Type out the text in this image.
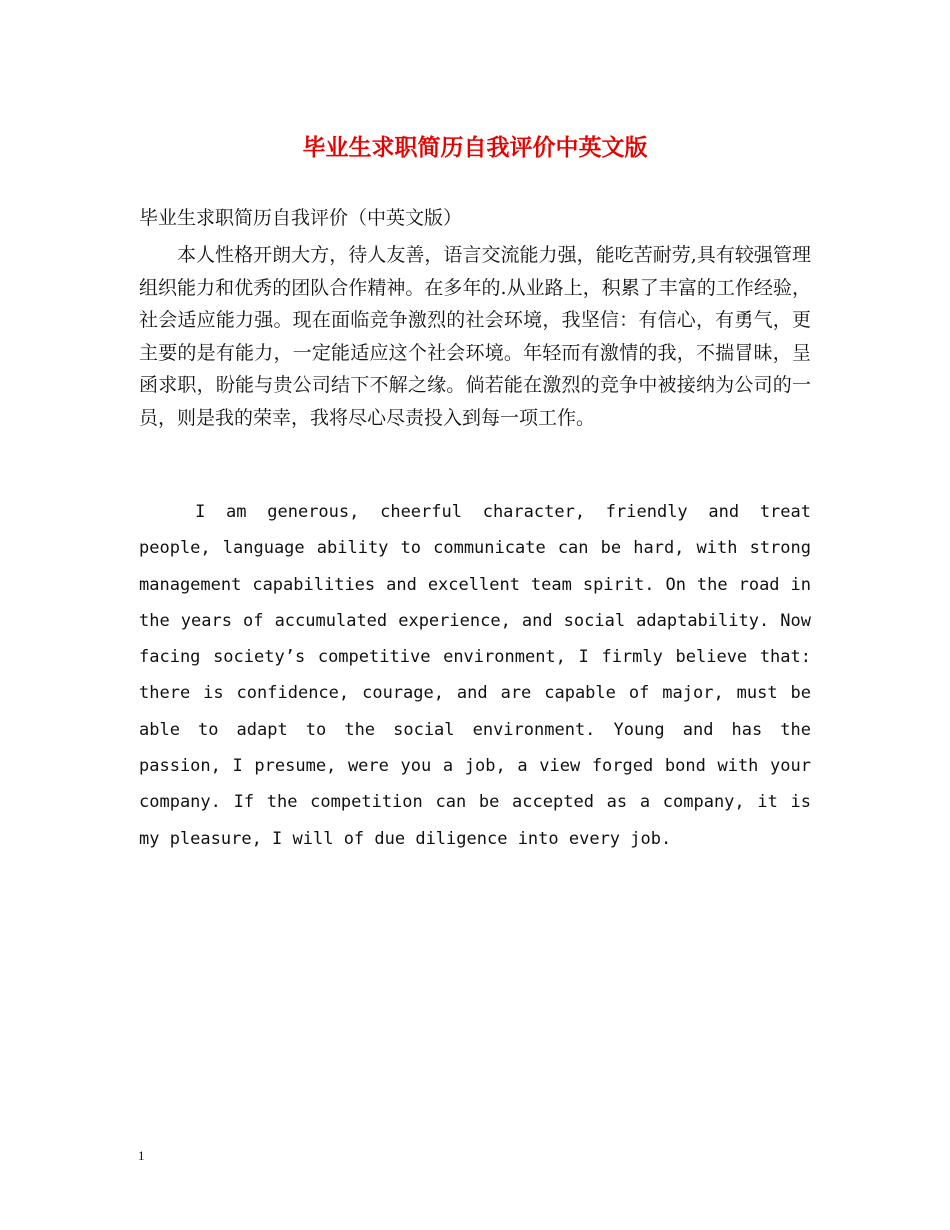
毕业生求职简历自我评价中英文版

毕业生求职简历自我评价（中英文版）

本人性格开朗大方，待人友善，语言交流能力强，能吃苦耐劳,具有较强管理组织能力和优秀的团队合作精神。在多年的.从业路上，积累了丰富的工作经验，社会适应能力强。现在面临竞争激烈的社会环境，我坚信：有信心，有勇气，更主要的是有能力，一定能适应这个社会环境。年轻而有激情的我，不揣冒昧，呈函求职，盼能与贵公司结下不解之缘。倘若能在激烈的竞争中被接纳为公司的一员，则是我的荣幸，我将尽心尽责投入到每一项工作。

I am generous, cheerful character, friendly and treat people, language ability to communicate can be hard, with strong management capabilities and excellent team spirit. On the road in the years of accumulated experience, and social adaptability. Now facing society’s competitive environment, I firmly believe that: there is confidence, courage, and are capable of major, must be able to adapt to the social environment. Young and has the passion, I presume, were you a job, a view forged bond with your company. If the competition can be accepted as a company, it is my pleasure, I will of due diligence into every job.

1
